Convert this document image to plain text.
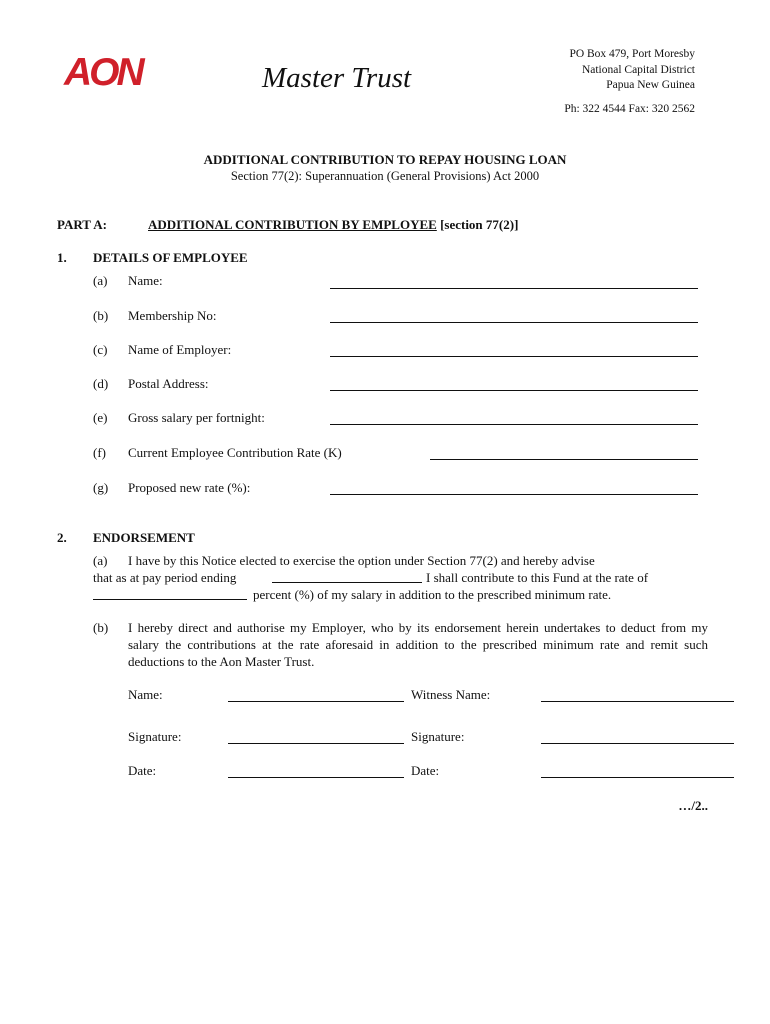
AON	Master Trust
PO Box 479, Port Moresby
National Capital District
Papua New Guinea
Ph: 322 4544 Fax: 320 2562
ADDITIONAL CONTRIBUTION TO REPAY HOUSING LOAN
Section 77(2): Superannuation (General Provisions) Act 2000
PART A:	ADDITIONAL CONTRIBUTION BY EMPLOYEE [section 77(2)]
1. DETAILS OF EMPLOYEE
(a) Name:
(b) Membership No:
(c) Name of Employer:
(d) Postal Address:
(e) Gross salary per fortnight:
(f) Current Employee Contribution Rate (K)
(g) Proposed new rate (%):
2. ENDORSEMENT
(a) I have by this Notice elected to exercise the option under Section 77(2) and hereby advise
that as at pay period ending	I shall contribute to this Fund at the rate of
percent (%) of my salary in addition to the prescribed minimum rate.
(b) I hereby direct and authorise my Employer, who by its endorsement herein undertakes to deduct from my salary the contributions at the rate aforesaid in addition to the prescribed minimum rate and remit such deductions to the Aon Master Trust.
Name:	Witness Name:
Signature:	Signature:
Date:	Date:
…/2..
